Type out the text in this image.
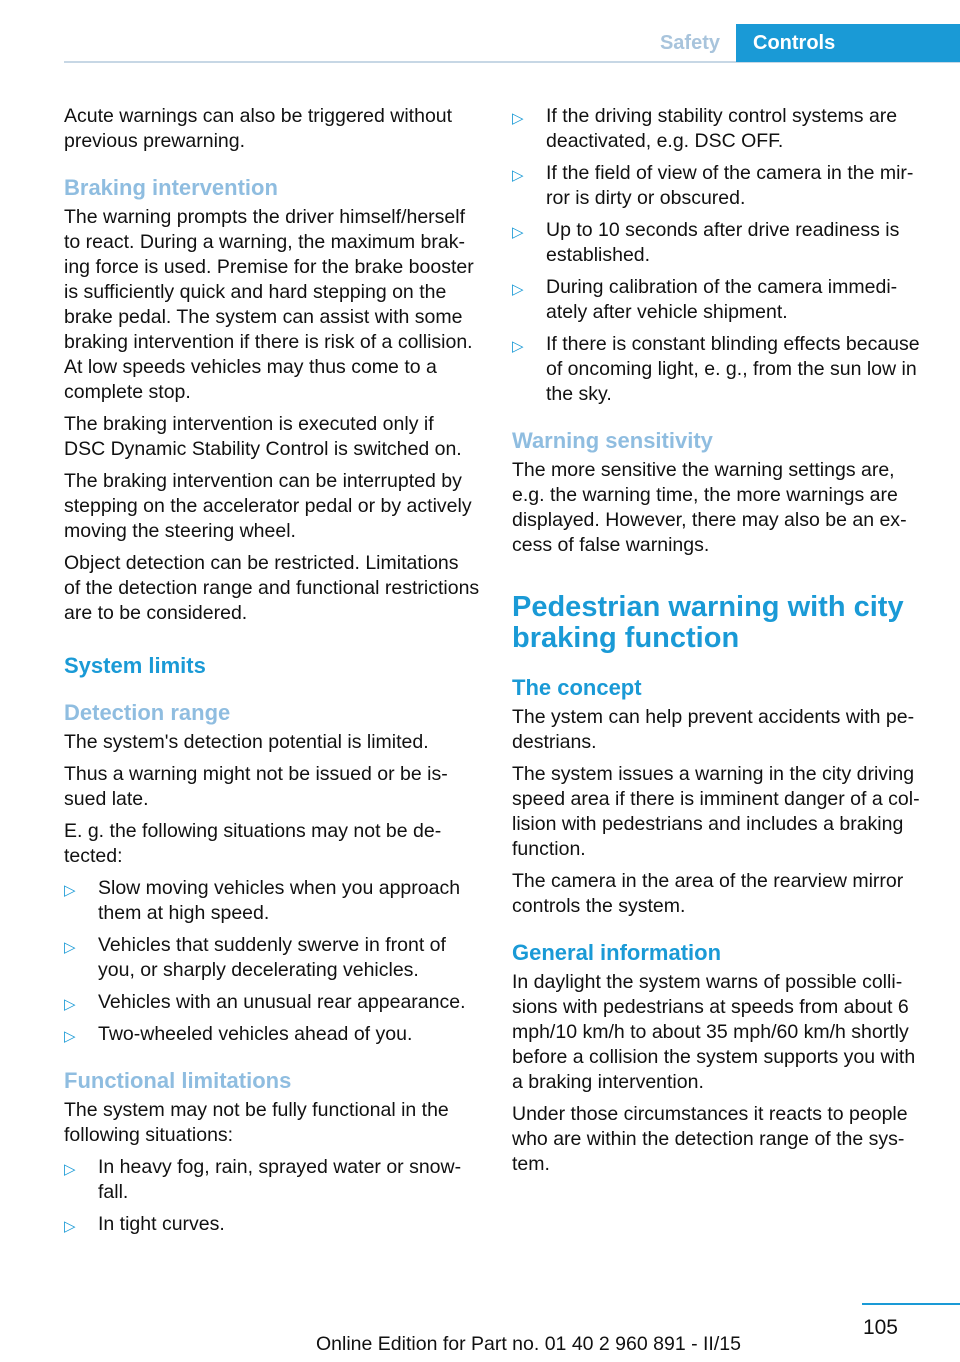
Safety	Controls

Acute warnings can also be triggered without previous prewarning.

Braking intervention

The warning prompts the driver himself/herself to react. During a warning, the maximum braking force is used. Premise for the brake booster is sufficiently quick and hard stepping on the brake pedal. The system can assist with some braking intervention if there is risk of a collision. At low speeds vehicles may thus come to a complete stop.

The braking intervention is executed only if DSC Dynamic Stability Control is switched on.

The braking intervention can be interrupted by stepping on the accelerator pedal or by actively moving the steering wheel.

Object detection can be restricted. Limitations of the detection range and functional restrictions are to be considered.

System limits
Detection range

The system's detection potential is limited.

Thus a warning might not be issued or be issued late.

E. g. the following situations may not be detected:

▷ Slow moving vehicles when you approach them at high speed.
▷ Vehicles that suddenly swerve in front of you, or sharply decelerating vehicles.
▷ Vehicles with an unusual rear appearance.
▷ Two-wheeled vehicles ahead of you.
Functional limitations

The system may not be fully functional in the following situations:

▷ In heavy fog, rain, sprayed water or snowfall.
▷ In tight curves.
▷ If the driving stability control systems are deactivated, e.g. DSC OFF.
▷ If the field of view of the camera in the mirror is dirty or obscured.
▷ Up to 10 seconds after drive readiness is established.
▷ During calibration of the camera immediately after vehicle shipment.
▷ If there is constant blinding effects because of oncoming light, e. g., from the sun low in the sky.
Warning sensitivity

The more sensitive the warning settings are, e.g. the warning time, the more warnings are displayed. However, there may also be an excess of false warnings.

Pedestrian warning with city braking function
The concept

The ystem can help prevent accidents with pedestrians.

The system issues a warning in the city driving speed area if there is imminent danger of a collision with pedestrians and includes a braking function.

The camera in the area of the rearview mirror controls the system.

General information

In daylight the system warns of possible collisions with pedestrians at speeds from about 6 mph/10 km/h to about 35 mph/60 km/h shortly before a collision the system supports you with a braking intervention.

Under those circumstances it reacts to people who are within the detection range of the system.

105
Online Edition for Part no. 01 40 2 960 891 - II/15
